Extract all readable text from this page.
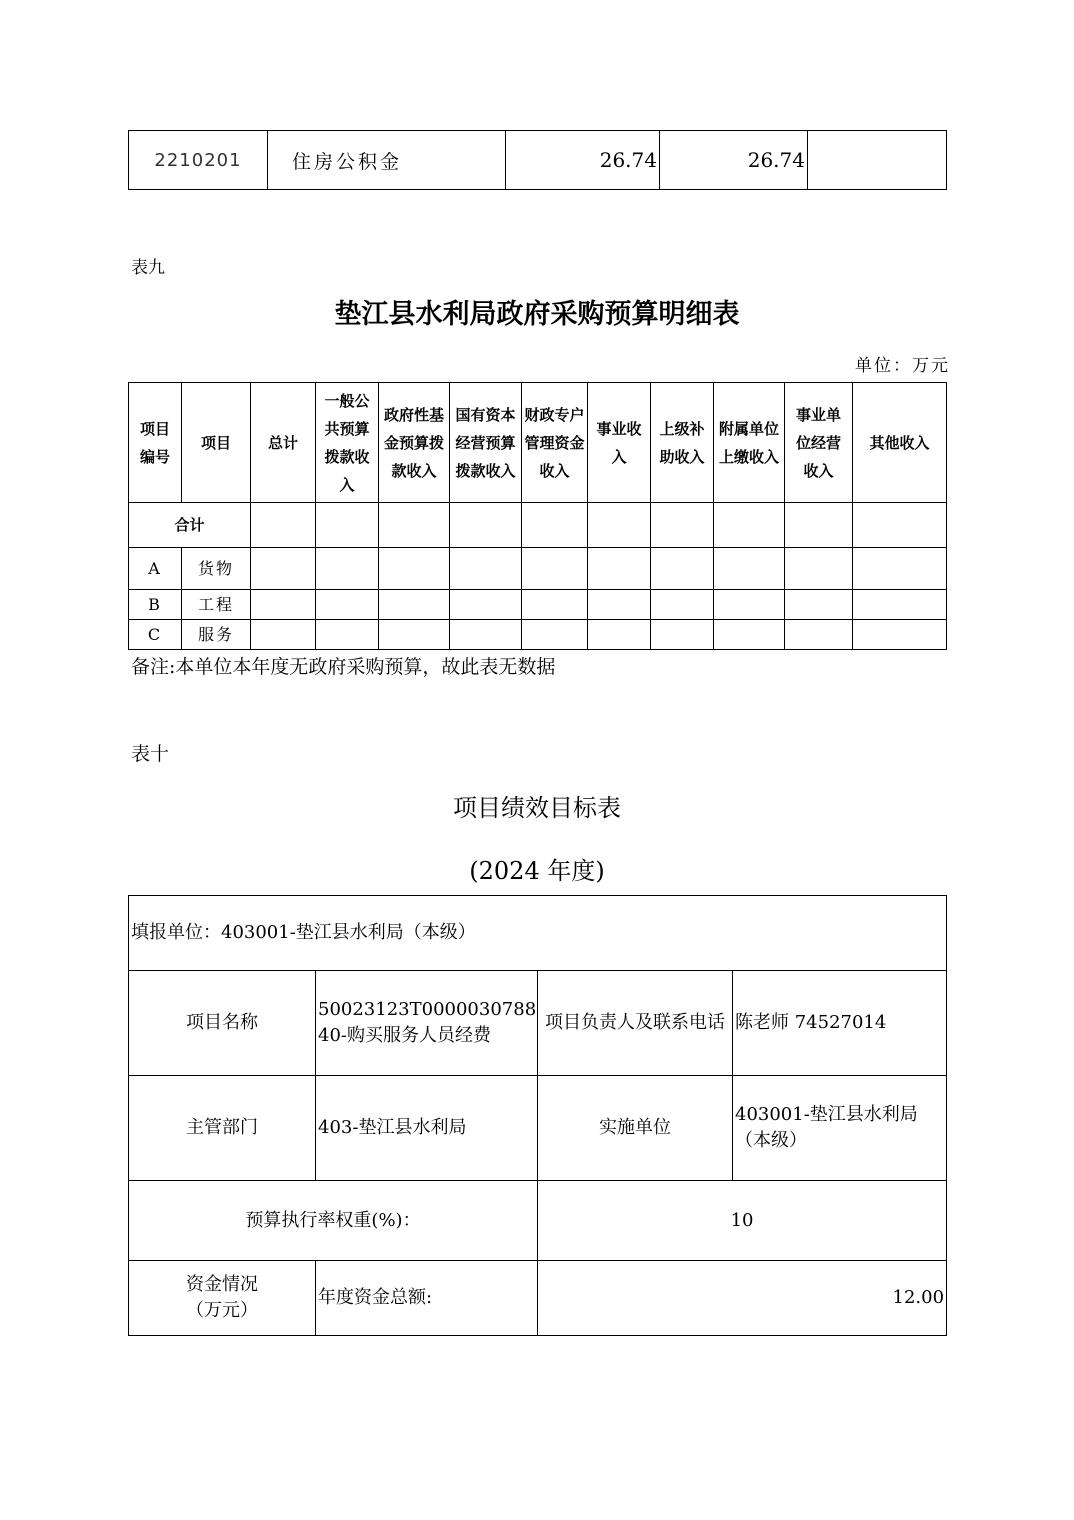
2210201	住房公积金	26.74	26.74	
表九
垫江县水利局政府采购预算明细表
单位：万元
项目编号	项目	总计	一般公共预算拨款收入	政府性基金预算拨款收入	国有资本经营预算拨款收入	财政专户管理资金收入	事业收入	上级补助收入	附属单位上缴收入	事业单位经营收入	其他收入
合计											
A	货物										
B	工程										
C	服务										
备注:本单位本年度无政府采购预算，故此表无数据
表十
项目绩效目标表
(2024 年度)
填报单位：403001-垫江县水利局（本级）			
项目名称	50023123T000003078840-购买服务人员经费	项目负责人及联系电话	陈老师 74527014
主管部门	403-垫江县水利局	实施单位	403001-垫江县水利局（本级）
预算执行率权重(%)：		10	
资金情况（万元）	年度资金总额:	12.00	
